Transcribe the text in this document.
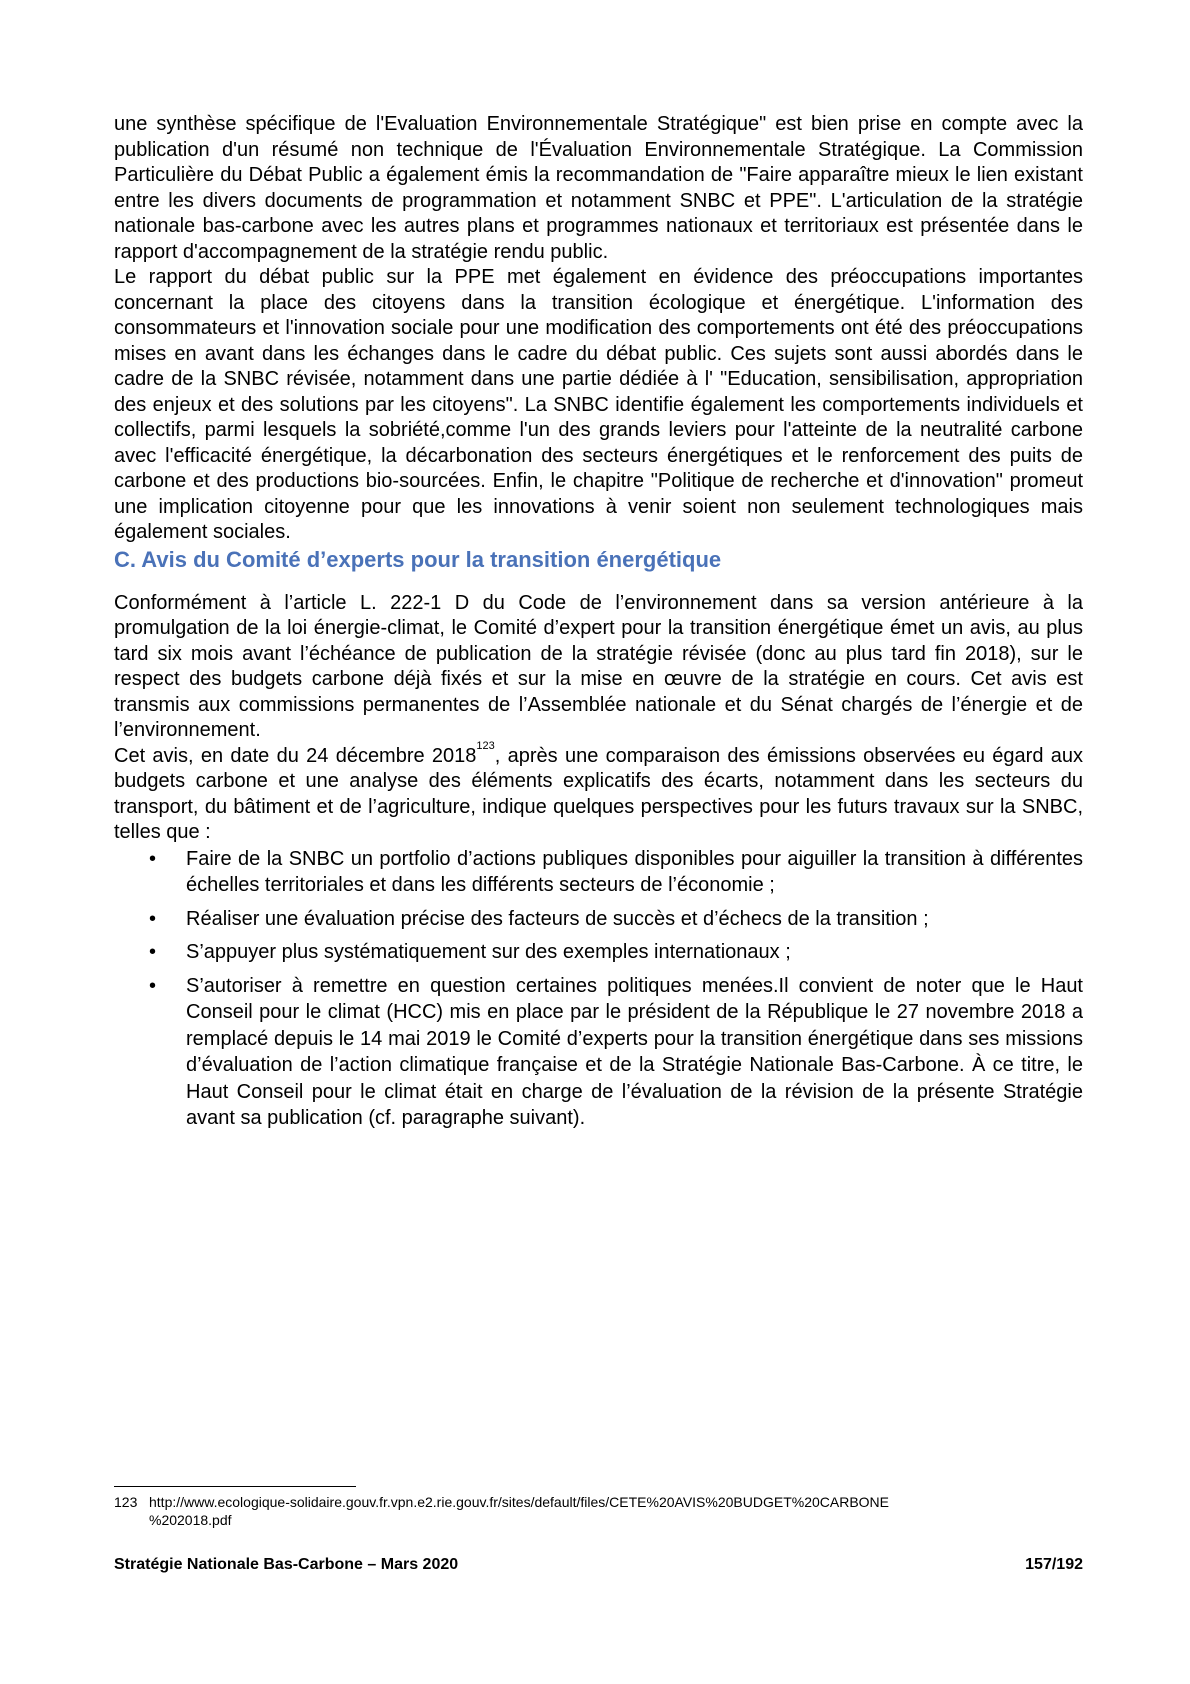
une synthèse spécifique de l'Evaluation Environnementale Stratégique" est bien prise en compte avec la publication d'un résumé non technique de l'Évaluation Environnementale Stratégique. La Commission Particulière du Débat Public a également émis la recommandation de "Faire apparaître mieux le lien existant entre les divers documents de programmation et notamment SNBC et PPE". L'articulation de la stratégie nationale bas-carbone avec les autres plans et programmes nationaux et territoriaux est présentée dans le rapport d'accompagnement de la stratégie rendu public.

Le rapport du débat public sur la PPE met également en évidence des préoccupations importantes concernant la place des citoyens dans la transition écologique et énergétique. L'information des consommateurs et l'innovation sociale pour une modification des comportements ont été des préoccupations mises en avant dans les échanges dans le cadre du débat public. Ces sujets sont aussi abordés dans le cadre de la SNBC révisée, notamment dans une partie dédiée à l' "Education, sensibilisation, appropriation des enjeux et des solutions par les citoyens". La SNBC identifie également les comportements individuels et collectifs, parmi lesquels la sobriété,comme l'un des grands leviers pour l'atteinte de la neutralité carbone avec l'efficacité énergétique, la décarbonation des secteurs énergétiques et le renforcement des puits de carbone et des productions bio-sourcées. Enfin, le chapitre "Politique de recherche et d'innovation" promeut une implication citoyenne pour que les innovations à venir soient non seulement technologiques mais également sociales.

C. Avis du Comité d’experts pour la transition énergétique

Conformément à l’article L. 222-1 D du Code de l’environnement dans sa version antérieure à la promulgation de la loi énergie-climat, le Comité d’expert pour la transition énergétique émet un avis, au plus tard six mois avant l’échéance de publication de la stratégie révisée (donc au plus tard fin 2018), sur le respect des budgets carbone déjà fixés et sur la mise en œuvre de la stratégie en cours. Cet avis est transmis aux commissions permanentes de l’Assemblée nationale et du Sénat chargés de l’énergie et de l’environnement.

Cet avis, en date du 24 décembre 2018$^{123}$, après une comparaison des émissions observées eu égard aux budgets carbone et une analyse des éléments explicatifs des écarts, notamment dans les secteurs du transport, du bâtiment et de l’agriculture, indique quelques perspectives pour les futurs travaux sur la SNBC, telles que :

• Faire de la SNBC un portfolio d’actions publiques disponibles pour aiguiller la transition à différentes échelles territoriales et dans les différents secteurs de l’économie ;
• Réaliser une évaluation précise des facteurs de succès et d’échecs de la transition ;
• S’appuyer plus systématiquement sur des exemples internationaux ;
• S’autoriser à remettre en question certaines politiques menées.Il convient de noter que le Haut Conseil pour le climat (HCC) mis en place par le président de la République le 27 novembre 2018 a remplacé depuis le 14 mai 2019 le Comité d’experts pour la transition énergétique dans ses missions d’évaluation de l’action climatique française et de la Stratégie Nationale Bas-Carbone. À ce titre, le Haut Conseil pour le climat était en charge de l’évaluation de la révision de la présente Stratégie avant sa publication (cf. paragraphe suivant).
123 http://www.ecologique-solidaire.gouv.fr.vpn.e2.rie.gouv.fr/sites/default/files/CETE%20AVIS%20BUDGET%20CARBONE
%202018.pdf
Stratégie Nationale Bas-Carbone – Mars 2020	157/192
